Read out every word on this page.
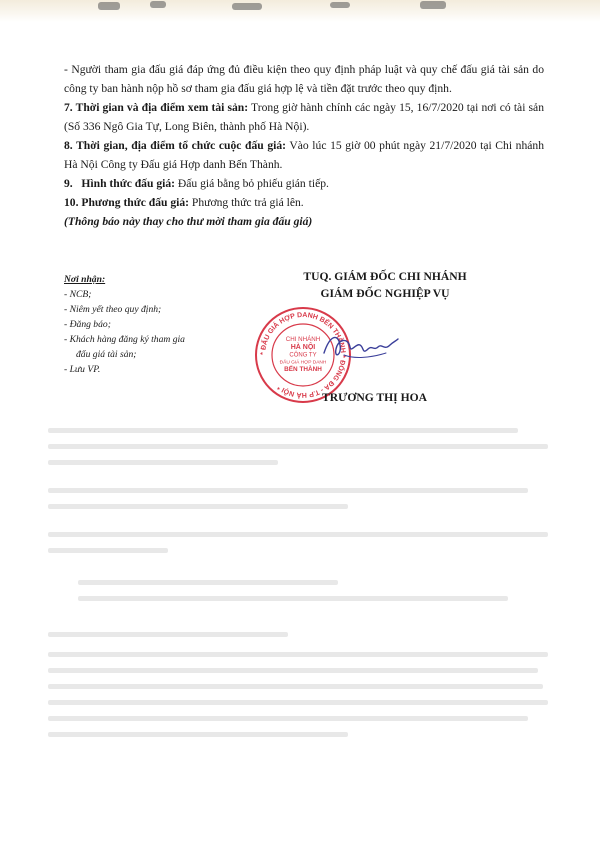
- Người tham gia đấu giá đáp ứng đủ điều kiện theo quy định pháp luật và quy chế đấu giá tài sản do công ty ban hành nộp hồ sơ tham gia đấu giá hợp lệ và tiền đặt trước theo quy định.

7. Thời gian và địa điểm xem tài sản: Trong giờ hành chính các ngày 15, 16/7/2020 tại nơi có tài sản (Số 336 Ngô Gia Tự, Long Biên, thành phố Hà Nội).

8. Thời gian, địa điểm tổ chức cuộc đấu giá: Vào lúc 15 giờ 00 phút ngày 21/7/2020 tại Chi nhánh Hà Nội Công ty Đấu giá Hợp danh Bến Thành.

9.   Hình thức đấu giá: Đấu giá bằng bỏ phiếu gián tiếp.

10. Phương thức đấu giá: Phương thức trả giá lên.

(Thông báo này thay cho thư mời tham gia đấu giá)

Nơi nhận:
- NCB;
- Niêm yết theo quy định;
- Đăng báo;
- Khách hàng đăng ký tham gia
đấu giá tài sản;
- Lưu VP.
TUQ. GIÁM ĐỐC CHI NHÁNH
GIÁM ĐỐC NGHIỆP VỤ
* ĐẤU GIÁ HỢP DANH BẾN THÀNH * ĐỐNG ĐA - T.P HÀ NỘI *
CHI NHÁNH
HÀ NỘI
CÔNG TY
ĐẤU GIÁ HỢP DANH
BẾN THÀNH
TRƯƠNG THỊ HOA
